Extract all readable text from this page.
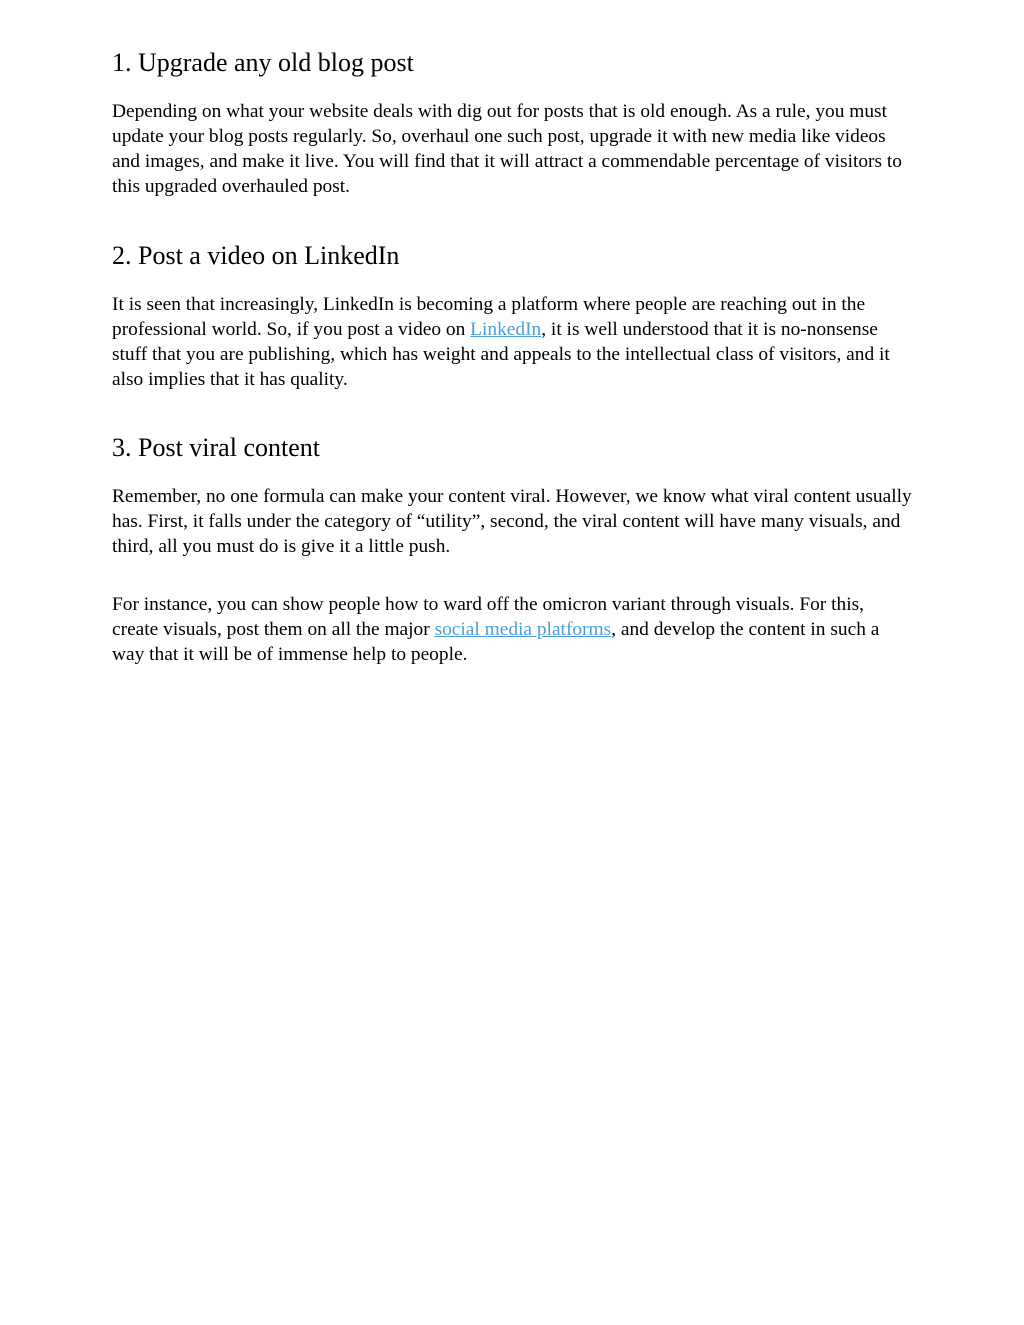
1. Upgrade any old blog post

Depending on what your website deals with dig out for posts that is old enough. As a rule, you must update your blog posts regularly. So, overhaul one such post, upgrade it with new media like videos and images, and make it live. You will find that it will attract a commendable percentage of visitors to this upgraded overhauled post.

2. Post a video on LinkedIn

It is seen that increasingly, LinkedIn is becoming a platform where people are reaching out in the professional world. So, if you post a video on LinkedIn, it is well understood that it is no-nonsense stuff that you are publishing, which has weight and appeals to the intellectual class of visitors, and it also implies that it has quality.

3. Post viral content

Remember, no one formula can make your content viral. However, we know what viral content usually has. First, it falls under the category of “utility”, second, the viral content will have many visuals, and third, all you must do is give it a little push.

For instance, you can show people how to ward off the omicron variant through visuals. For this, create visuals, post them on all the major social media platforms, and develop the content in such a way that it will be of immense help to people.
